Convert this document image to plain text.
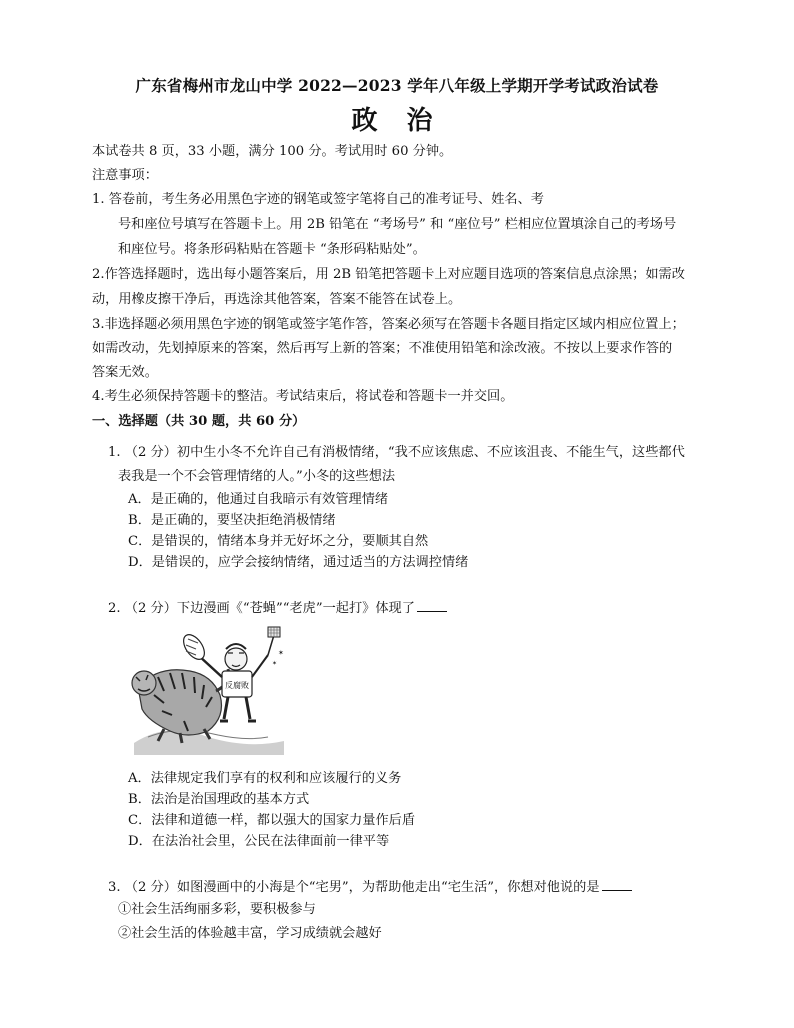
广东省梅州市龙山中学 2022—2023 学年八年级上学期开学考试政治试卷
政 治
本试卷共 8 页，33 小题，满分 100 分。考试用时 60 分钟。
注意事项：
1. 答卷前，考生务必用黑色字迹的钢笔或签字笔将自己的准考证号、姓名、考
号和座位号填写在答题卡上。用 2B 铅笔在 “考场号” 和 “座位号” 栏相应位置填涂自己的考场号
和座位号。将条形码粘贴在答题卡 “条形码粘贴处”。
2.作答选择题时，选出每小题答案后，用 2B 铅笔把答题卡上对应题目选项的答案信息点涂黑；如需改
动，用橡皮擦干净后，再选涂其他答案，答案不能答在试卷上。
3.非选择题必须用黑色字迹的钢笔或签字笔作答，答案必须写在答题卡各题目指定区域内相应位置上；
如需改动，先划掉原来的答案，然后再写上新的答案；不准使用铅笔和涂改液。不按以上要求作答的
答案无效。
4.考生必须保持答题卡的整洁。考试结束后，将试卷和答题卡一并交回。
一、选择题（共 30 题，共 60 分）
1. （2 分）初中生小冬不允许自己有消极情绪，“我不应该焦虑、不应该沮丧、不能生气，这些都代
表我是一个不会管理情绪的人。”小冬的这些想法
A．是正确的，他通过自我暗示有效管理情绪
B．是正确的，要坚决拒绝消极情绪
C．是错误的，情绪本身并无好坏之分，要顺其自然
D．是错误的，应学会接纳情绪，通过适当的方法调控情绪
2. （2 分）下边漫画《“苍蝇”“老虎”一起打》体现了
反腐败
✶
✶
A．法律规定我们享有的权利和应该履行的义务
B．法治是治国理政的基本方式
C．法律和道德一样，都以强大的国家力量作后盾
D．在法治社会里，公民在法律面前一律平等
3. （2 分）如图漫画中的小海是个“宅男”，为帮助他走出“宅生活”，你想对他说的是
①社会生活绚丽多彩，要积极参与
②社会生活的体验越丰富，学习成绩就会越好
